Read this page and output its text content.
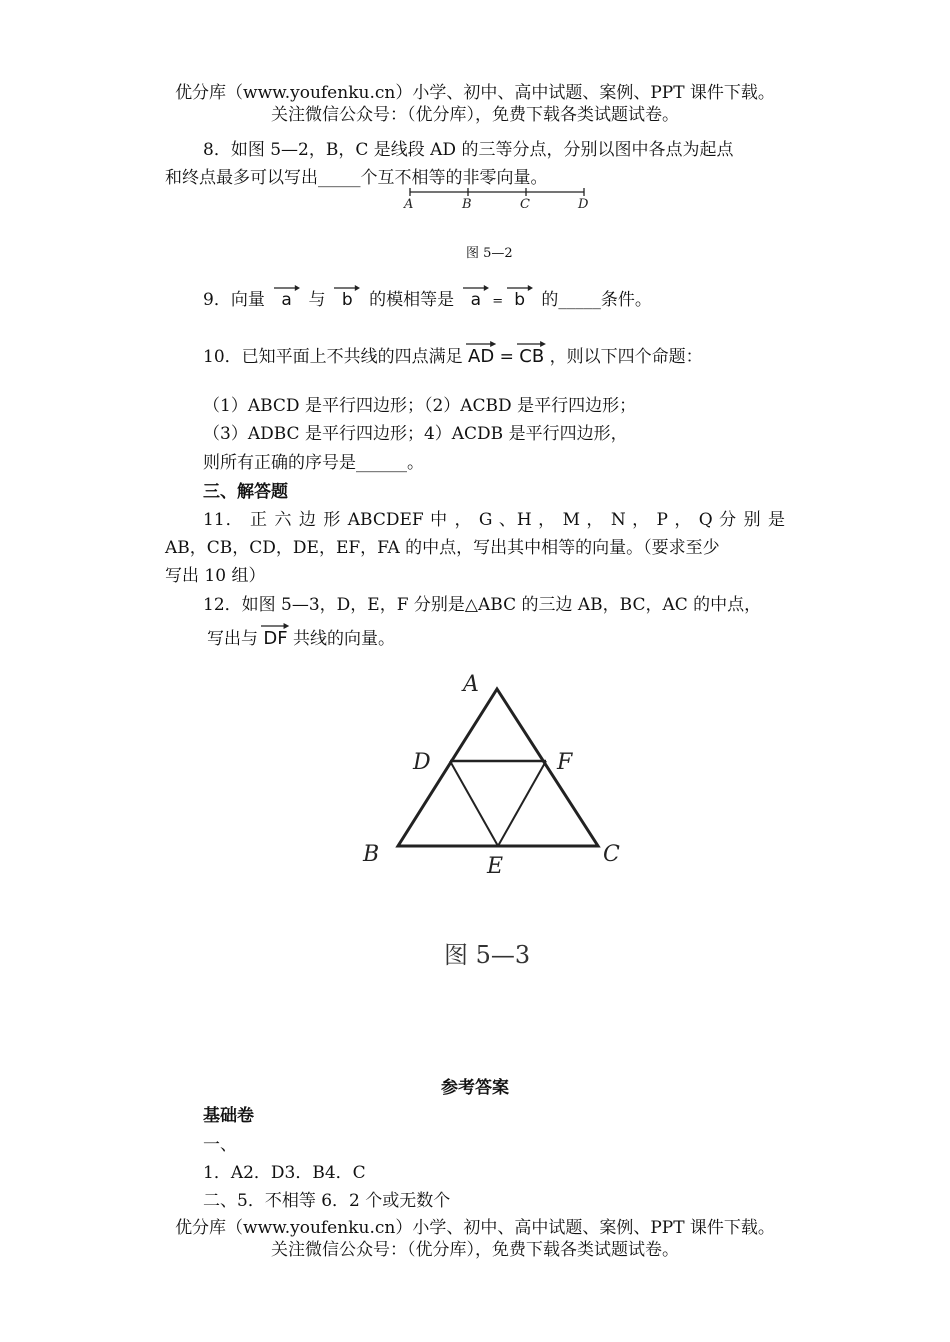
优分库（www.youfenku.cn）小学、初中、高中试题、案例、PPT 课件下载。
关注微信公众号：（优分库），免费下载各类试题试卷。
8．如图 5—2，B，C 是线段 AD 的三等分点，分别以图中各点为起点
和终点最多可以写出_____个互不相等的非零向量。
A	B	C	D
图 5—2
9．向量 a 与 b 的模相等是 a = b 的_____条件。
10．已知平面上不共线的四点满足 AD = CB ，则以下四个命题：
（1）ABCD 是平行四边形；（2）ACBD 是平行四边形；
（3）ADBC 是平行四边形；4）ACDB 是平行四边形，
则所有正确的序号是______。
三、解答题
11． 正 六 边 形 ABCDEF 中 ， G 、H ， M ， N ， P ， Q 分 别 是
AB，CB，CD，DE，EF，FA 的中点，写出其中相等的向量。（要求至少
写出 10 组）
12．如图 5—3，D，E，F 分别是△ABC 的三边 AB，BC，AC 的中点，
写出与 DF 共线的向量。
A
D	F
B	E	C
图 5—3
参考答案
基础卷
一、
1．A2．D3．B4．C
二、5．不相等 6．2 个或无数个
优分库（www.youfenku.cn）小学、初中、高中试题、案例、PPT 课件下载。
关注微信公众号：（优分库），免费下载各类试题试卷。
